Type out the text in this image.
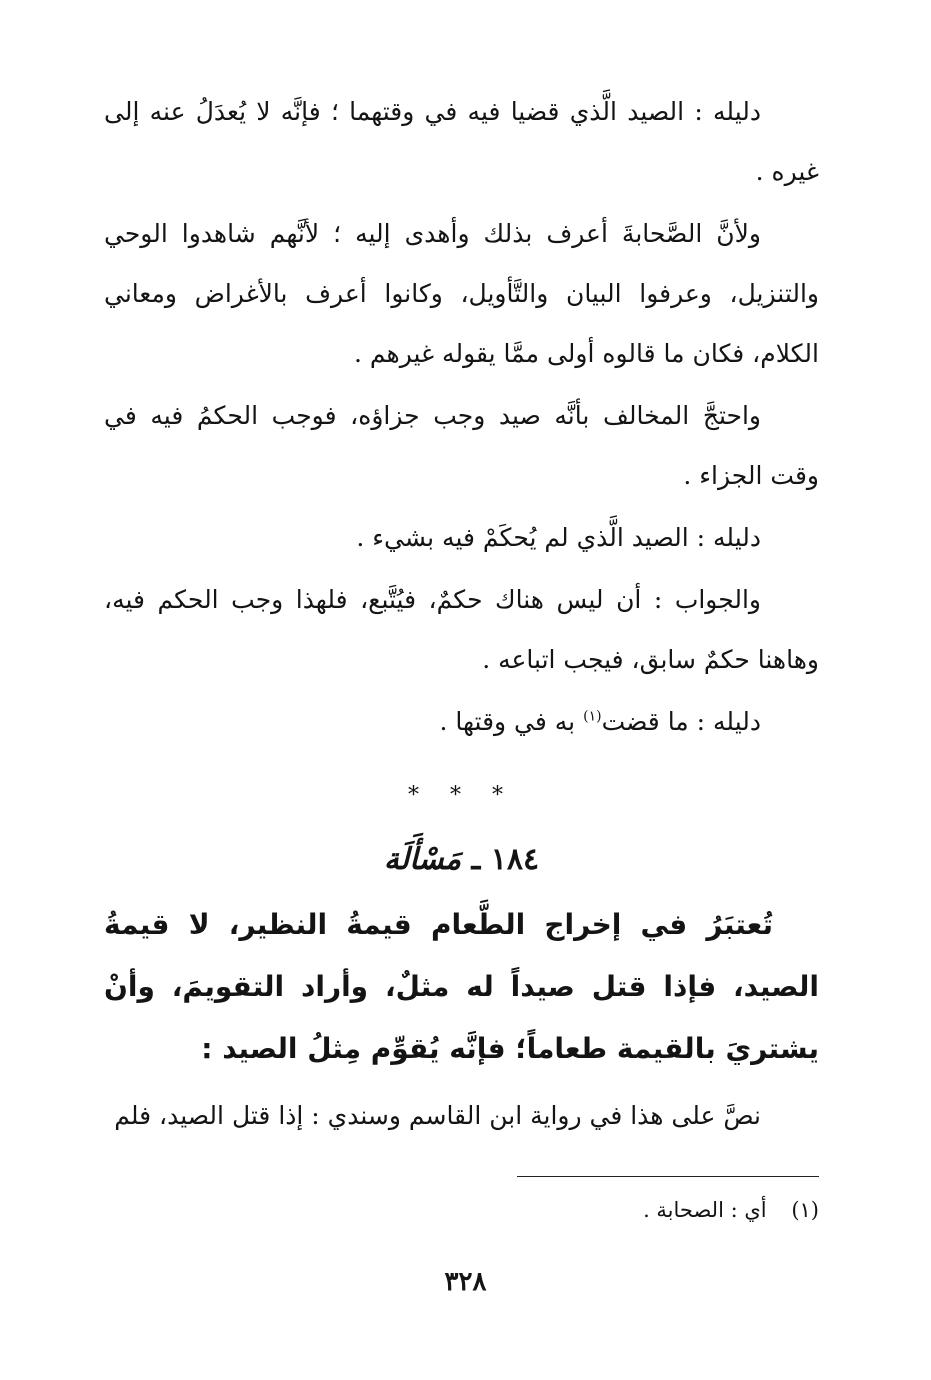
دليله : الصيد الَّذي قضيا فيه في وقتهما ؛ فإنَّه لا يُعدَلُ عنه إلى غيره .

ولأنَّ الصَّحابةَ أعرف بذلك وأهدى إليه ؛ لأنَّهم شاهدوا الوحي والتنزيل، وعرفوا البيان والتَّأويل، وكانوا أعرف بالأغراض ومعاني الكلام، فكان ما قالوه أولى ممَّا يقوله غيرهم .

واحتجَّ المخالف بأنَّه صيد وجب جزاؤه، فوجب الحكمُ فيه في وقت الجزاء .

دليله : الصيد الَّذي لم يُحكَمْ فيه بشيء .

والجواب : أن ليس هناك حكمٌ، فيُتَّبع، فلهذا وجب الحكم فيه، وهاهنا حكمٌ سابق، فيجب اتباعه .

دليله : ما قضت$^{(١)}$ به في وقتها .

* * *
١٨٤ ـ مَسْأَلَة

تُعتبَرُ في إخراج الطَّعام قيمةُ النظير، لا قيمةُ الصيد، فإذا قتل صيداً له مثلٌ، وأراد التقويمَ، وأنْ يشتريَ بالقيمة طعاماً؛ فإنَّه يُقوِّم مِثلُ الصيد :

نصَّ على هذا في رواية ابن القاسم وسندي : إذا قتل الصيد، فلم

(١) أي : الصحابة .
٣٢٨
